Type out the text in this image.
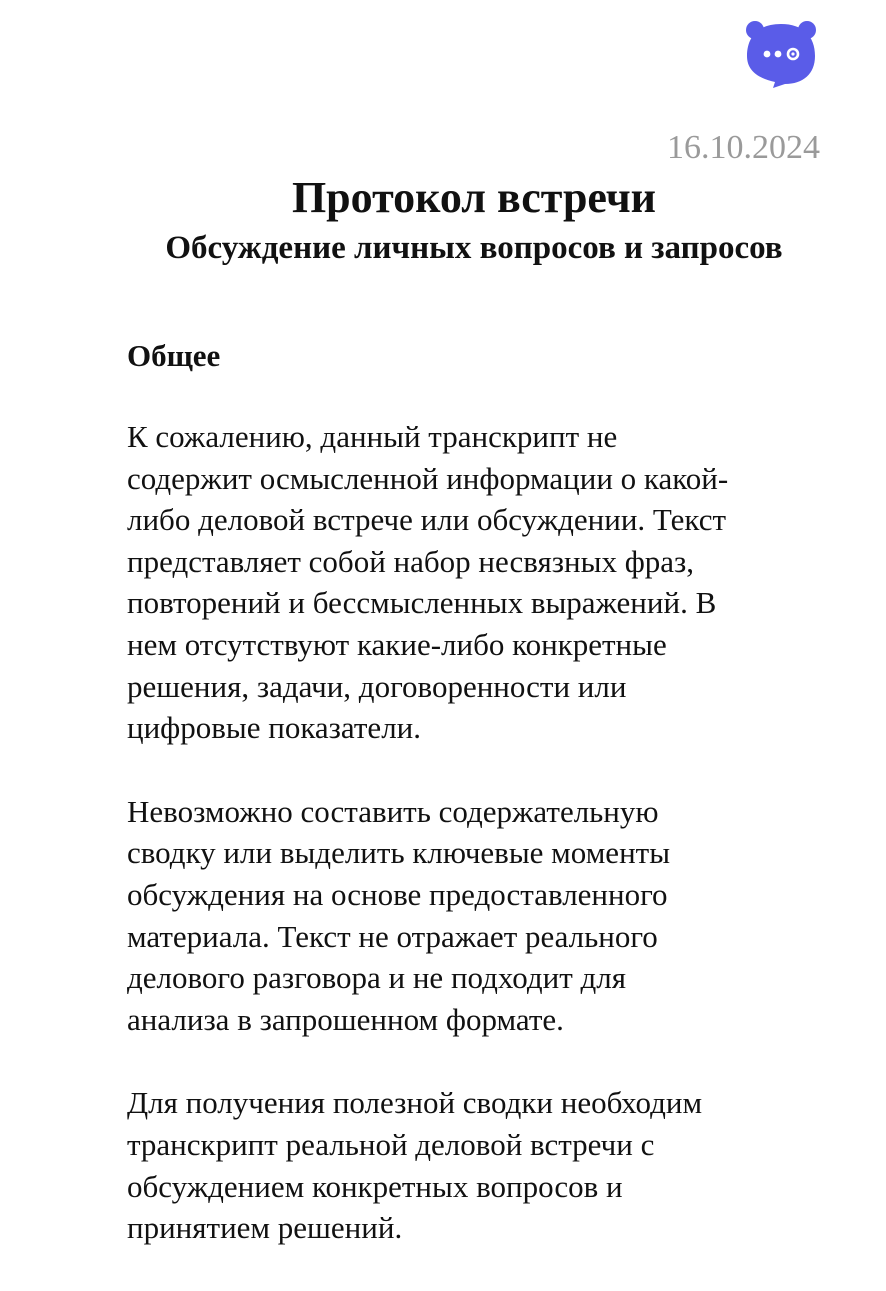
16.10.2024
Протокол встречи
Обсуждение личных вопросов и запросов
Общее

К сожалению, данный транскрипт не
содержит осмысленной информации о какой-
либо деловой встрече или обсуждении. Текст
представляет собой набор несвязных фраз,
повторений и бессмысленных выражений. В
нем отсутствуют какие-либо конкретные
решения, задачи, договоренности или
цифровые показатели.

Невозможно составить содержательную
сводку или выделить ключевые моменты
обсуждения на основе предоставленного
материала. Текст не отражает реального
делового разговора и не подходит для
анализа в запрошенном формате.

Для получения полезной сводки необходим
транскрипт реальной деловой встречи с
обсуждением конкретных вопросов и
принятием решений.
